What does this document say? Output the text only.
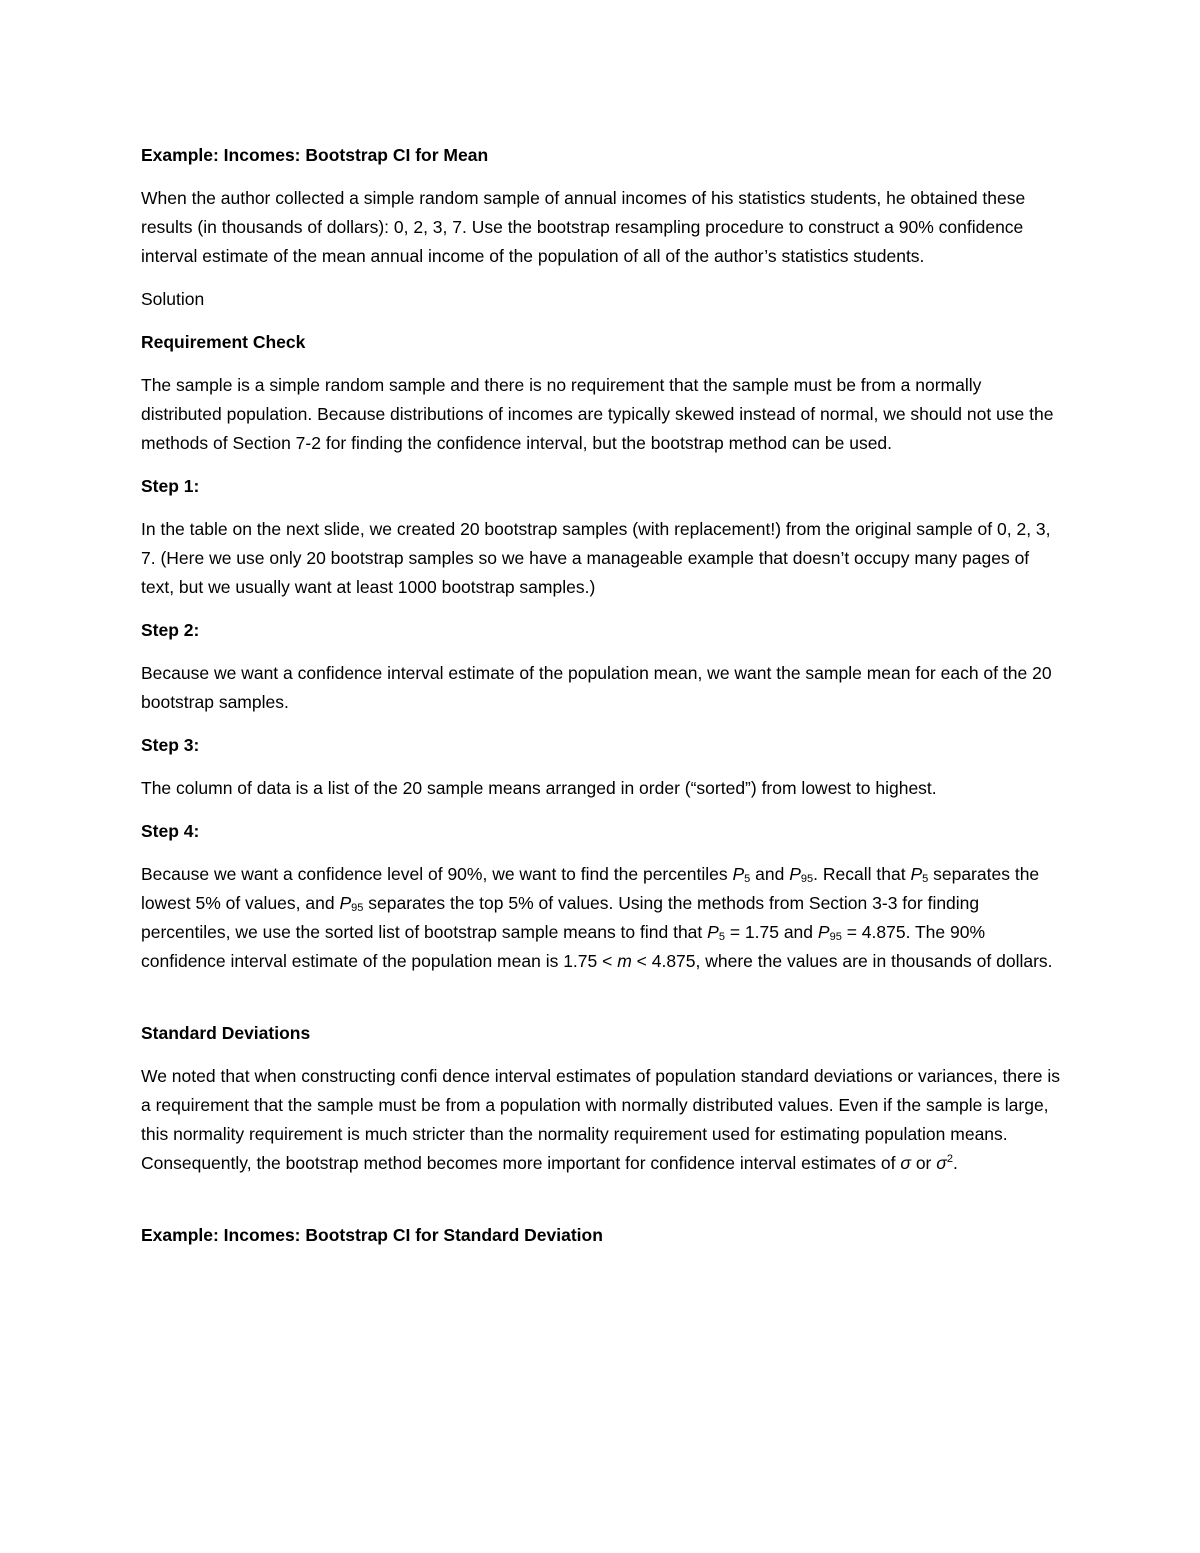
Example: Incomes: Bootstrap CI for Mean
When the author collected a simple random sample of annual incomes of his statistics students, he obtained these results (in thousands of dollars): 0, 2, 3, 7. Use the bootstrap resampling procedure to construct a 90% confidence interval estimate of the mean annual income of the population of all of the author’s statistics students.
Solution
Requirement Check
The sample is a simple random sample and there is no requirement that the sample must be from a normally distributed population. Because distributions of incomes are typically skewed instead of normal, we should not use the methods of Section 7-2 for finding the confidence interval, but the bootstrap method can be used.
Step 1:
In the table on the next slide, we created 20 bootstrap samples (with replacement!) from the original sample of 0, 2, 3, 7. (Here we use only 20 bootstrap samples so we have a manageable example that doesn’t occupy many pages of text, but we usually want at least 1000 bootstrap samples.)
Step 2:
Because we want a confidence interval estimate of the population mean, we want the sample mean for each of the 20 bootstrap samples.
Step 3:
The column of data is a list of the 20 sample means arranged in order (“sorted”) from lowest to highest.
Step 4:
Because we want a confidence level of 90%, we want to find the percentiles $P_5$ and $P_{95}$. Recall that $P_5$ separates the lowest 5% of values, and $P_{95}$ separates the top 5% of values. Using the methods from Section 3-3 for finding percentiles, we use the sorted list of bootstrap sample means to find that $P_5 = 1.75$ and $P_{95} = 4.875$. The 90% confidence interval estimate of the population mean is 1.75 < m < 4.875, where the values are in thousands of dollars.
Standard Deviations
We noted that when constructing confi dence interval estimates of population standard deviations or variances, there is a requirement that the sample must be from a population with normally distributed values. Even if the sample is large, this normality requirement is much stricter than the normality requirement used for estimating population means. Consequently, the bootstrap method becomes more important for confidence interval estimates of σ or $\sigma^2$.
Example: Incomes: Bootstrap CI for Standard Deviation
